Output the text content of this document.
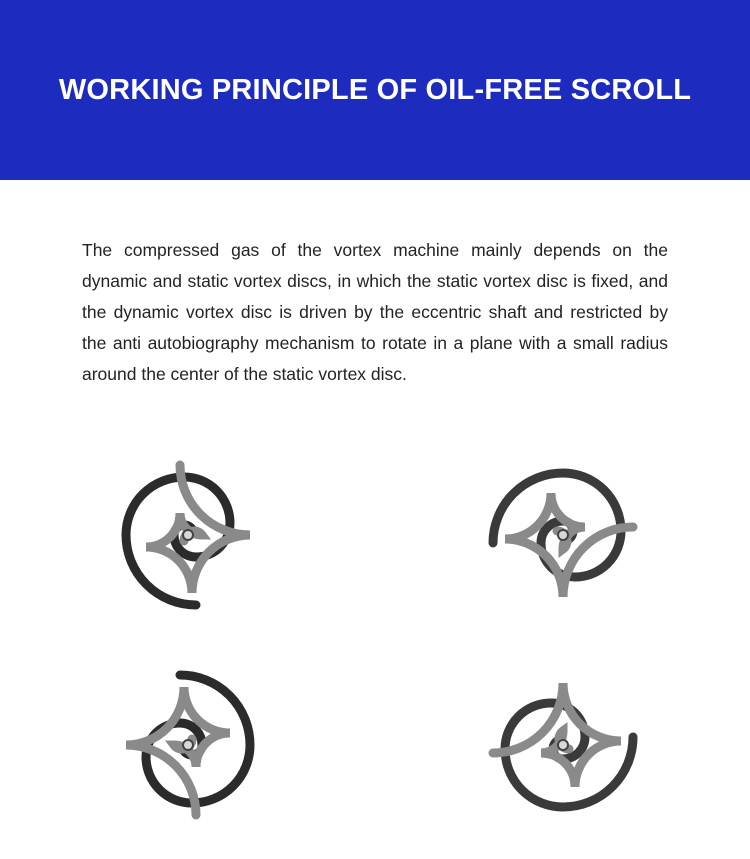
WORKING PRINCIPLE OF OIL-FREE SCROLL

The compressed gas of the vortex machine mainly depends on the dynamic and static vortex discs, in which the static vortex disc is fixed, and the dynamic vortex disc is driven by the eccentric shaft and restricted by the anti autobiography mechanism to rotate in a plane with a small radius around the center of the static vortex disc.
